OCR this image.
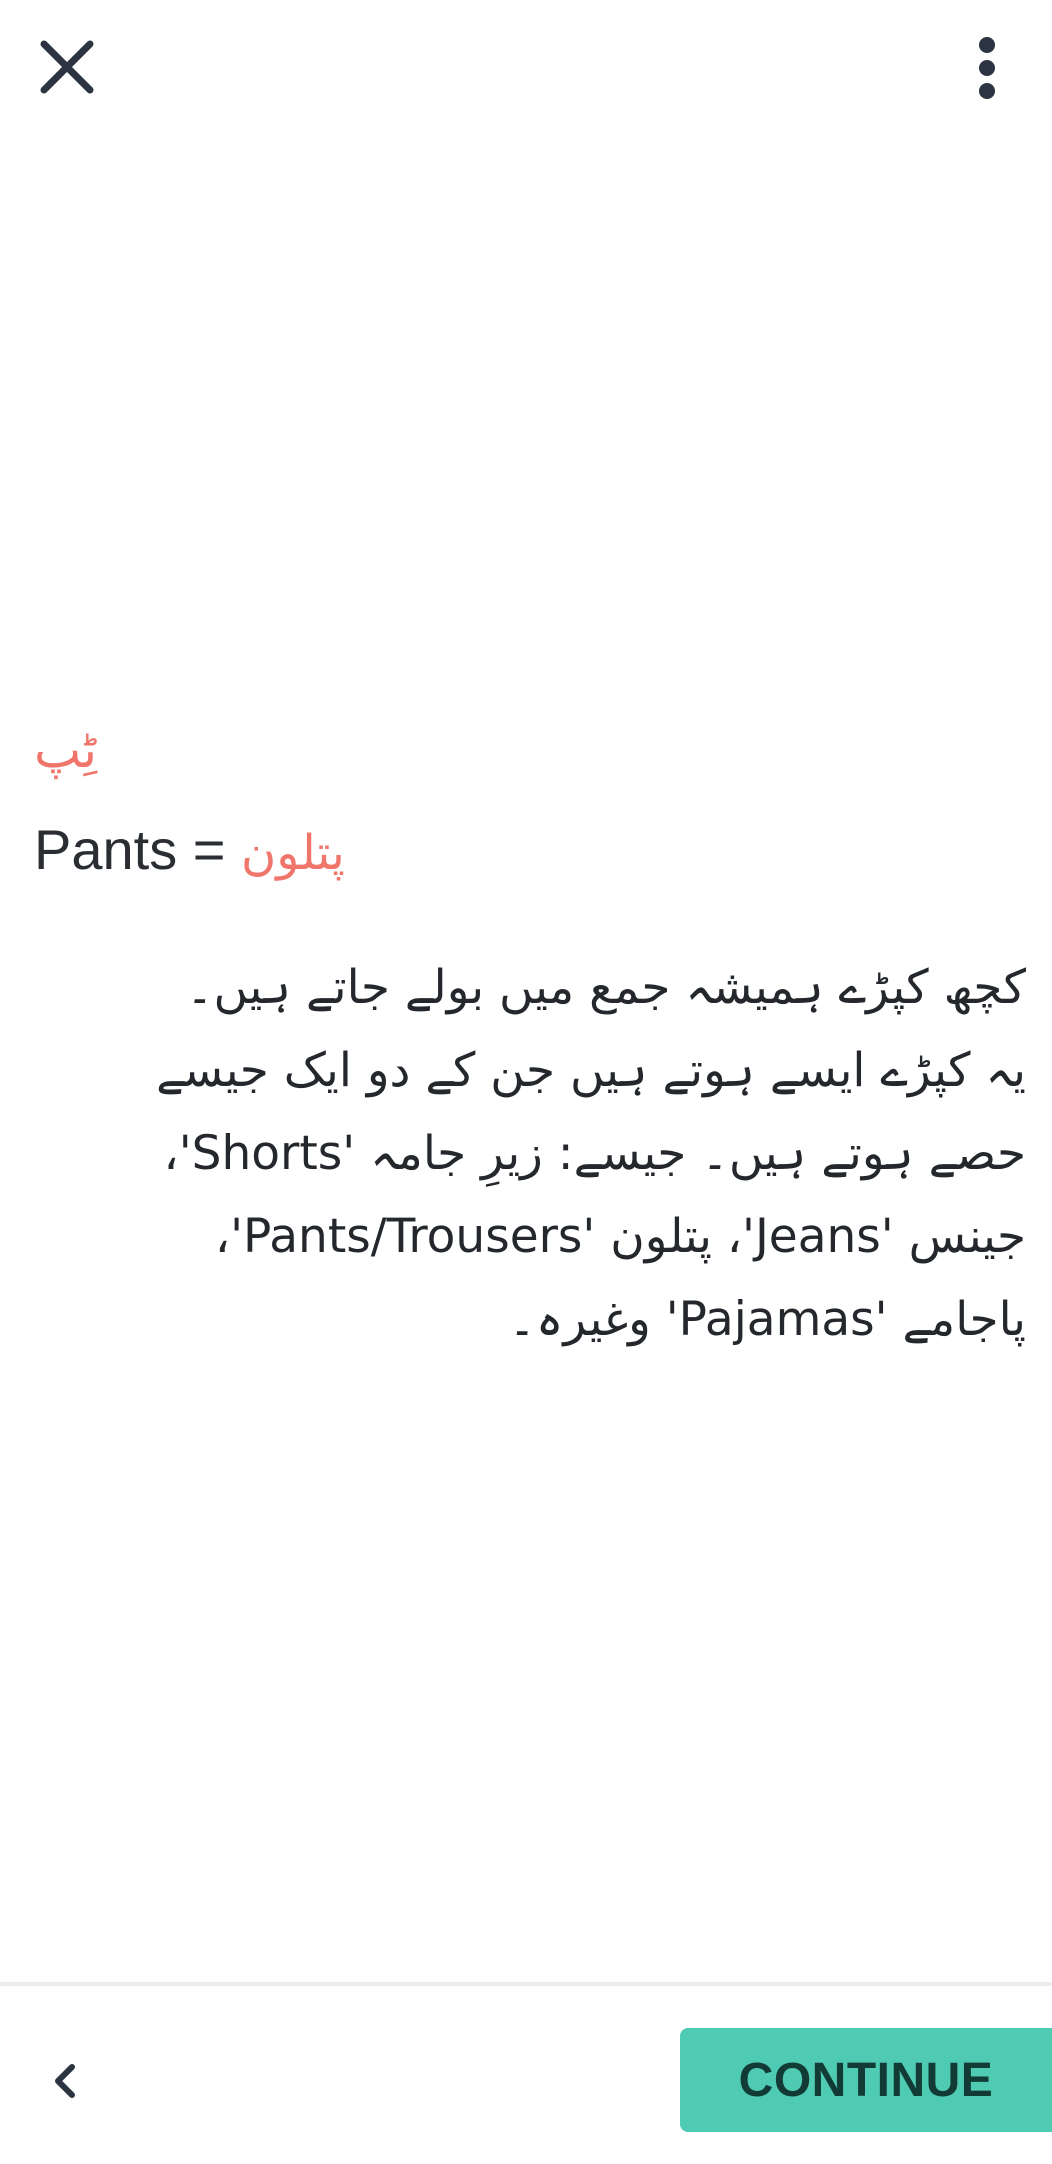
ٹِپ
Pants = پتلون
کچھ کپڑے ہمیشہ جمع میں بولے جاتے ہیں۔
یہ کپڑے ایسے ہوتے ہیں جن کے دو ایک جیسے
حصے ہوتے ہیں۔ جیسے: زیرِ جامہ 'Shorts'،
جینس 'Jeans'، پتلون 'Pants/Trousers'،
پاجامے 'Pajamas' وغیرہ۔
CONTINUE
